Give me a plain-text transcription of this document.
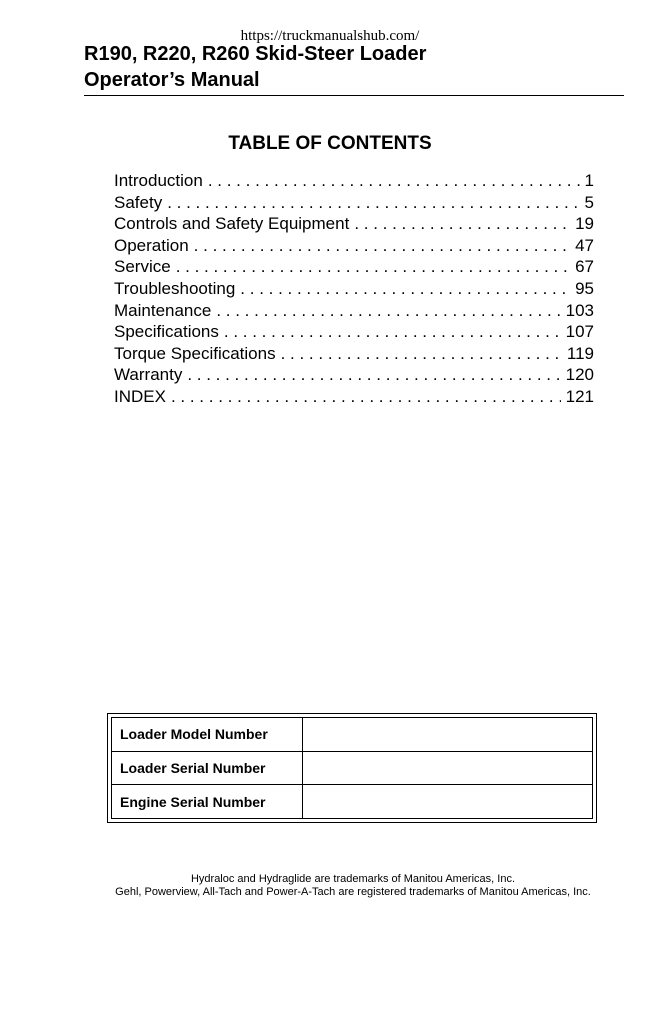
https://truckmanualshub.com/
R190, R220, R260 Skid-Steer Loader
Operator’s Manual
TABLE OF CONTENTS
Introduction . . .	1
Safety . . .	5
Controls and Safety Equipment . . .	19
Operation . . .	47
Service . . .	67
Troubleshooting . . .	95
Maintenance . . .	103
Specifications . . .	107
Torque Specifications . . .	119
Warranty . . .	120
INDEX . . .	121
Loader Model Number	
Loader Serial Number	
Engine Serial Number	
Hydraloc and Hydraglide are trademarks of Manitou Americas, Inc.
Gehl, Powerview, All-Tach and Power-A-Tach are registered trademarks of Manitou Americas, Inc.
